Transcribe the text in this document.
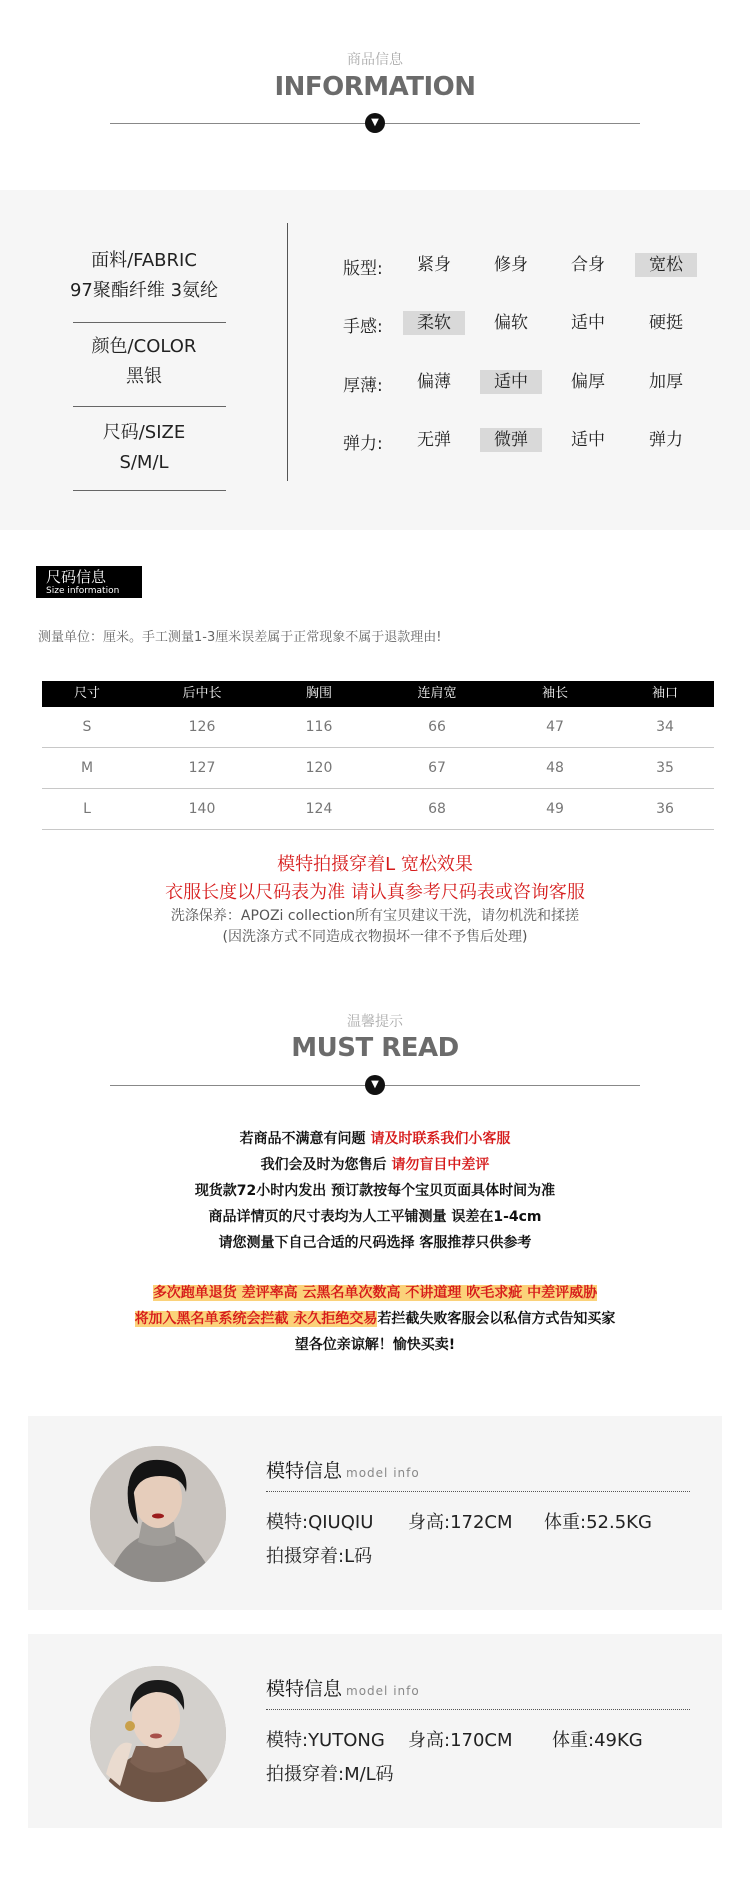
商品信息
INFORMATION
▼
面料/FABRIC
97聚酯纤维 3氨纶
颜色/COLOR
黑银
尺码/SIZE
S/M/L
版型:	紧身	修身	合身	宽松
手感:	柔软	偏软	适中	硬挺
厚薄:	偏薄	适中	偏厚	加厚
弹力:	无弹	微弹	适中	弹力
尺码信息
Size information
测量单位：厘米。手工测量1-3厘米误差属于正常现象不属于退款理由!
尺寸	后中长	胸围	连肩宽	袖长	袖口
S	126	116	66	47	34
M	127	120	67	48	35
L	140	124	68	49	36
模特拍摄穿着L 宽松效果
衣服长度以尺码表为准 请认真参考尺码表或咨询客服
洗涤保养：APOZi collection所有宝贝建议干洗，请勿机洗和揉搓
(因洗涤方式不同造成衣物损坏一律不予售后处理)
温馨提示
MUST READ
▼
若商品不满意有问题 请及时联系我们小客服
我们会及时为您售后 请勿盲目中差评
现货款72小时内发出 预订款按每个宝贝页面具体时间为准
商品详情页的尺寸表均为人工平铺测量 误差在1-4cm
请您测量下自己合适的尺码选择 客服推荐只供参考
多次跑单退货 差评率高 云黑名单次数高 不讲道理 吹毛求疵 中差评威胁
将加入黑名单系统会拦截 永久拒绝交易若拦截失败客服会以私信方式告知买家
望各位亲谅解！愉快买卖!
模特信息 model info
模特:QIUQIU 身高:172CM 体重:52.5KG
拍摄穿着:L码
模特信息 model info
模特:YUTONG 身高:170CM 体重:49KG
拍摄穿着:M/L码
